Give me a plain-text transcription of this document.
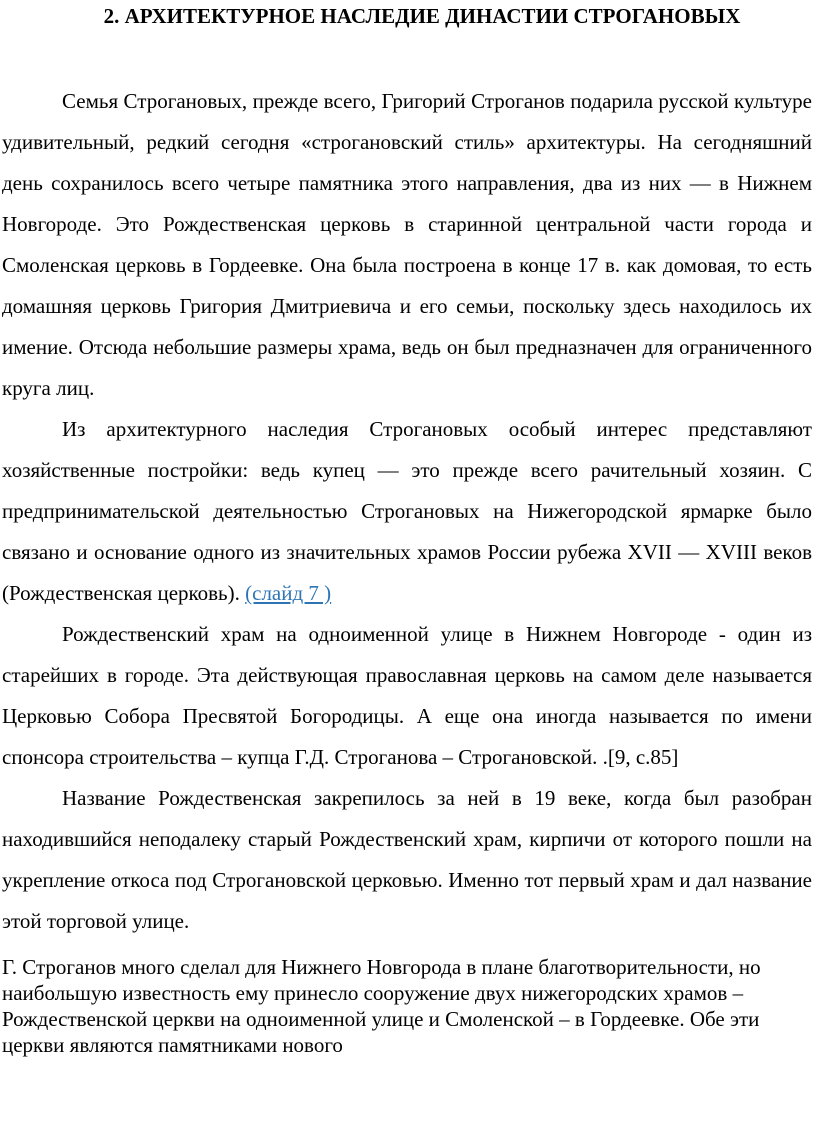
2. АРХИТЕКТУРНОЕ НАСЛЕДИЕ ДИНАСТИИ СТРОГАНОВЫХ

Семья Строгановых, прежде всего, Григорий Строганов подарила русской культуре удивительный, редкий сегодня «строгановский стиль» архитектуры. На сегодняшний день сохранилось всего четыре памятника этого направления, два из них — в Нижнем Новгороде. Это Рождественская церковь в старинной центральной части города и Смоленская церковь в Гордеевке. Она была построена в конце 17 в. как домовая, то есть домашняя церковь Григория Дмитриевича и его семьи, поскольку здесь находилось их имение. Отсюда небольшие размеры храма, ведь он был предназначен для ограниченного круга лиц.

Из архитектурного наследия Строгановых особый интерес представляют хозяйственные постройки: ведь купец — это прежде всего рачительный хозяин. С предпринимательской деятельностью Строгановых на Нижегородской ярмарке было связано и основание одного из значительных храмов России рубежа XVII — XVIII веков (Рождественская церковь). (слайд 7 )

Рождественский храм на одноименной улице в Нижнем Новгороде - один из старейших в городе. Эта действующая православная церковь на самом деле называется Церковью Собора Пресвятой Богородицы. А еще она иногда называется по имени спонсора строительства – купца Г.Д. Строганова – Строгановской. .[9, с.85]

Название Рождественская закрепилось за ней в 19 веке, когда был разобран находившийся неподалеку старый Рождественский храм, кирпичи от которого пошли на укрепление откоса под Строгановской церковью. Именно тот первый храм и дал название этой торговой улице.

Г. Строганов много сделал для Нижнего Новгорода в плане благотворительности, но наибольшую известность ему принесло сооружение двух нижегородских храмов – Рождественской церкви на одноименной улице и Смоленской – в Гордеевке. Обе эти церкви являются памятниками нового
